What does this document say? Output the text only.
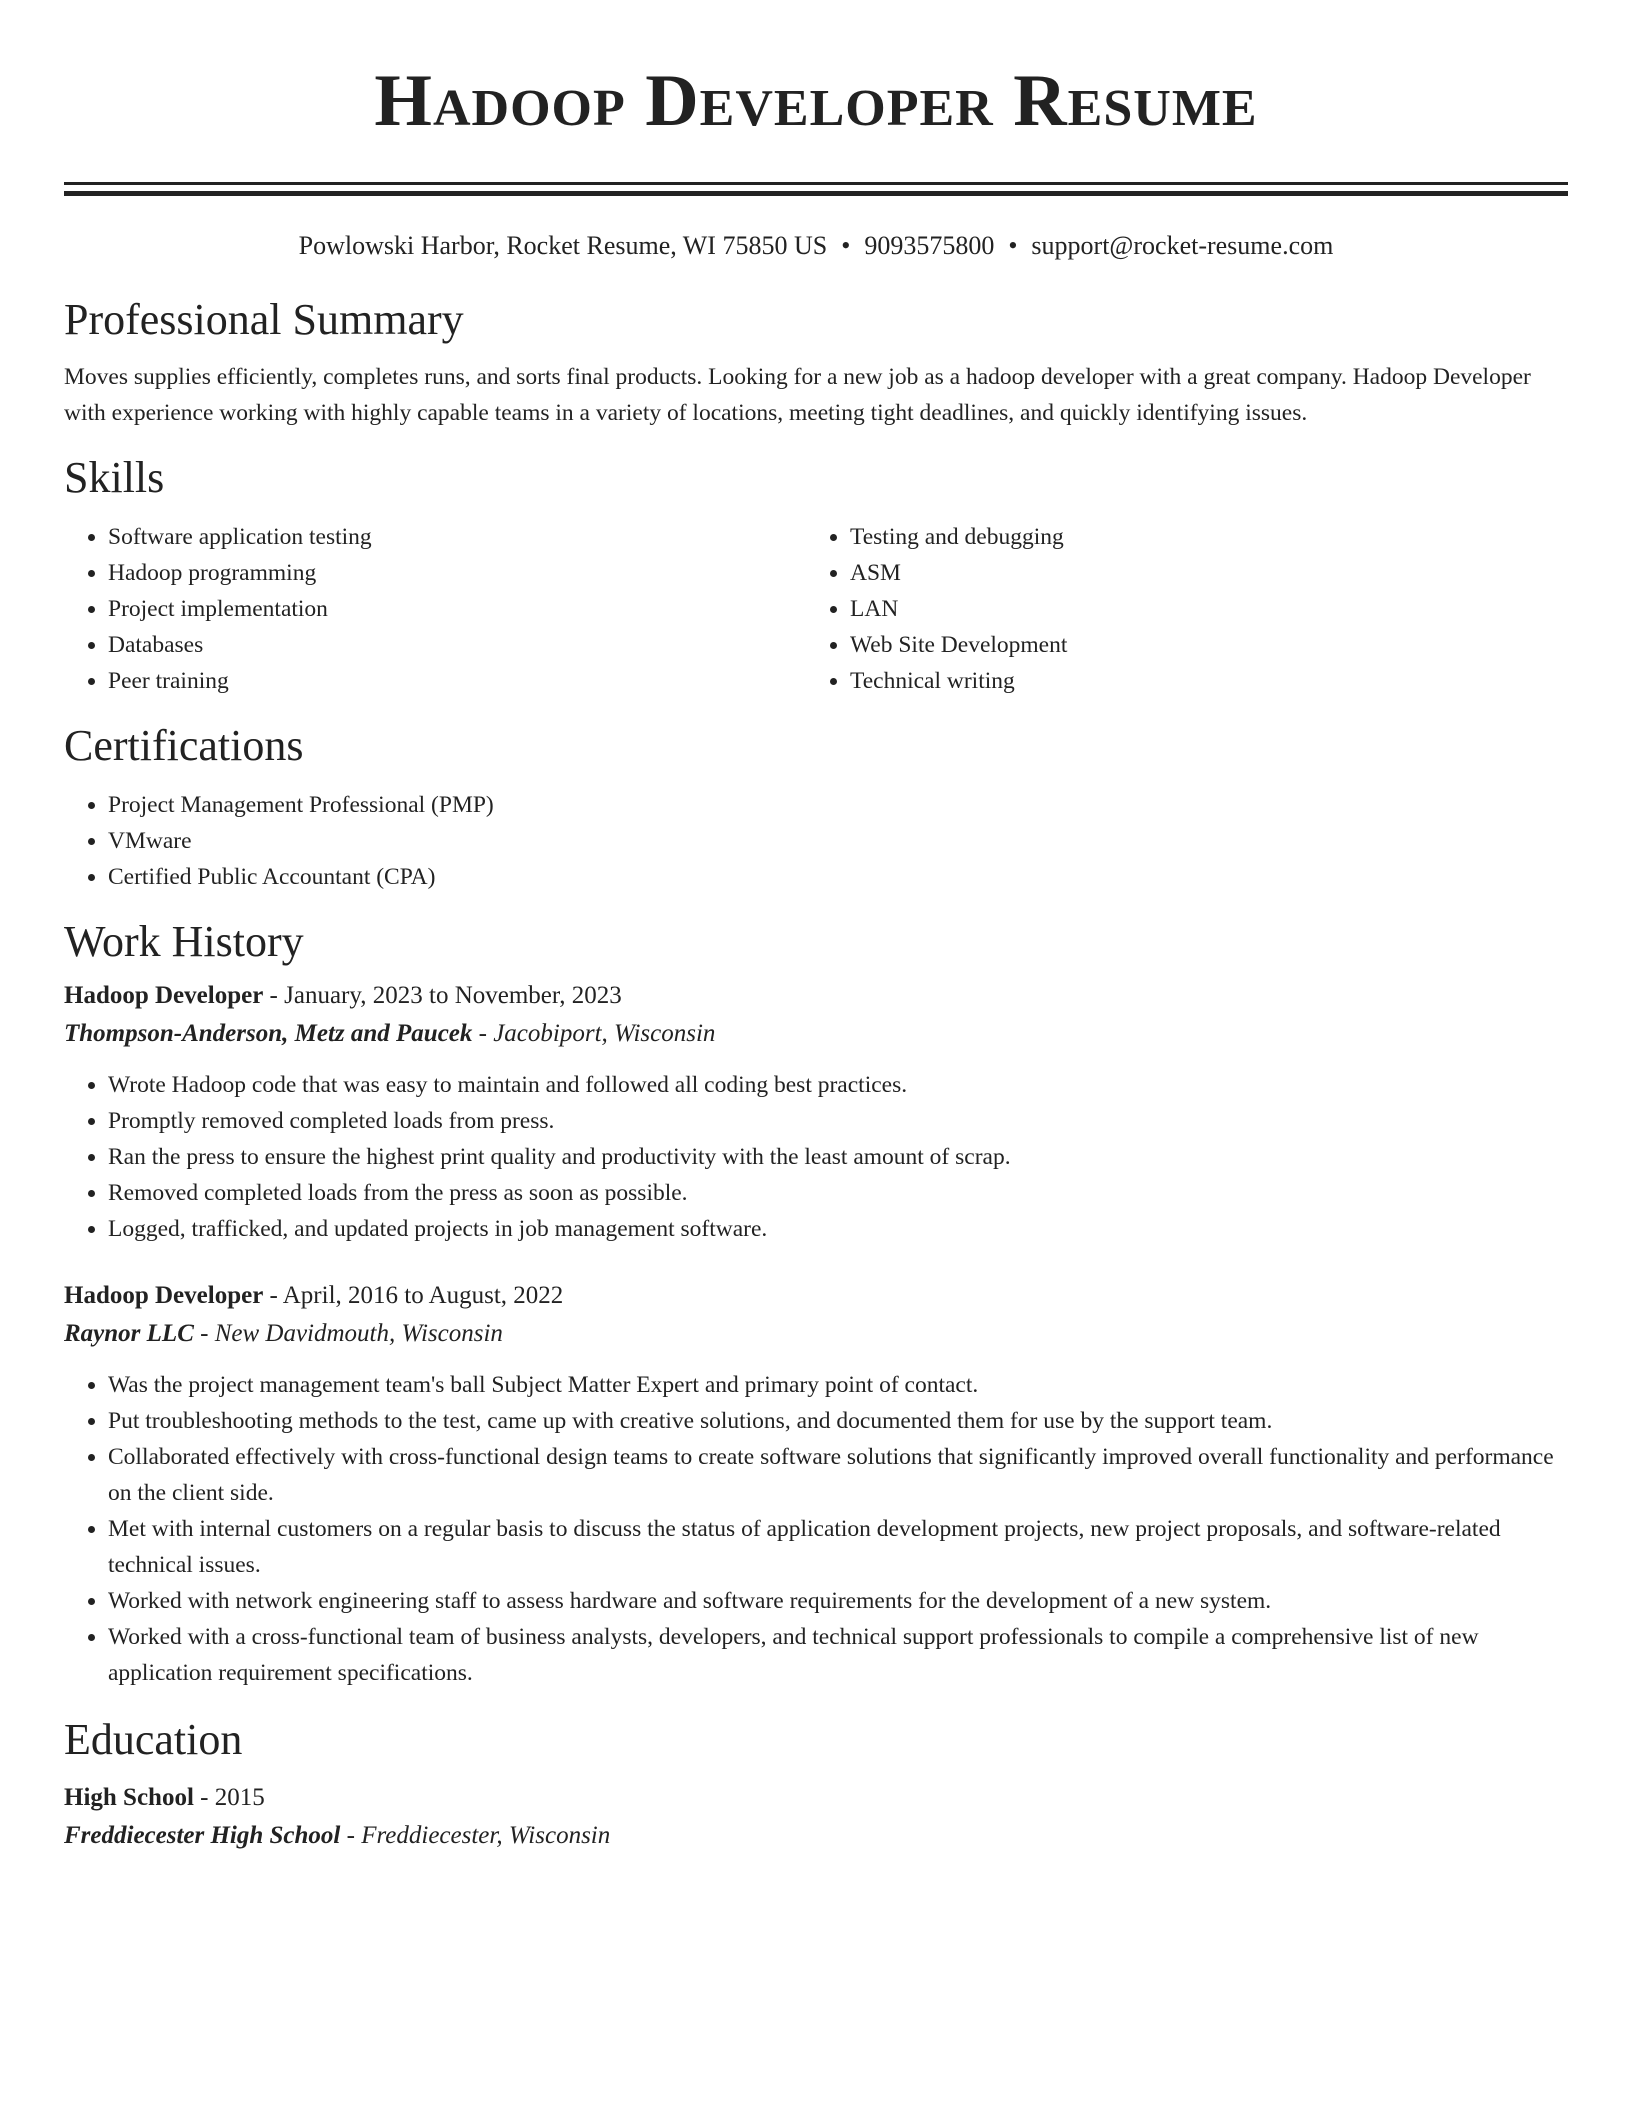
Hadoop Developer Resume
Powlowski Harbor, Rocket Resume, WI 75850 US • 9093575800 • support@rocket-resume.com
Professional Summary

Moves supplies efficiently, completes runs, and sorts final products. Looking for a new job as a hadoop developer with a great company. Hadoop Developer with experience working with highly capable teams in a variety of locations, meeting tight deadlines, and quickly identifying issues.

Skills
• Software application testing
• Hadoop programming
• Project implementation
• Databases
• Peer training
• Testing and debugging
• ASM
• LAN
• Web Site Development
• Technical writing
Certifications
• Project Management Professional (PMP)
• VMware
• Certified Public Accountant (CPA)
Work History
Hadoop Developer - January, 2023 to November, 2023
Thompson-Anderson, Metz and Paucek - Jacobiport, Wisconsin
• Wrote Hadoop code that was easy to maintain and followed all coding best practices.
• Promptly removed completed loads from press.
• Ran the press to ensure the highest print quality and productivity with the least amount of scrap.
• Removed completed loads from the press as soon as possible.
• Logged, trafficked, and updated projects in job management software.
Hadoop Developer - April, 2016 to August, 2022
Raynor LLC - New Davidmouth, Wisconsin
• Was the project management team's ball Subject Matter Expert and primary point of contact.
• Put troubleshooting methods to the test, came up with creative solutions, and documented them for use by the support team.
• Collaborated effectively with cross-functional design teams to create software solutions that significantly improved overall functionality and performance on the client side.
• Met with internal customers on a regular basis to discuss the status of application development projects, new project proposals, and software-related technical issues.
• Worked with network engineering staff to assess hardware and software requirements for the development of a new system.
• Worked with a cross-functional team of business analysts, developers, and technical support professionals to compile a comprehensive list of new application requirement specifications.
Education
High School - 2015
Freddiecester High School - Freddiecester, Wisconsin
